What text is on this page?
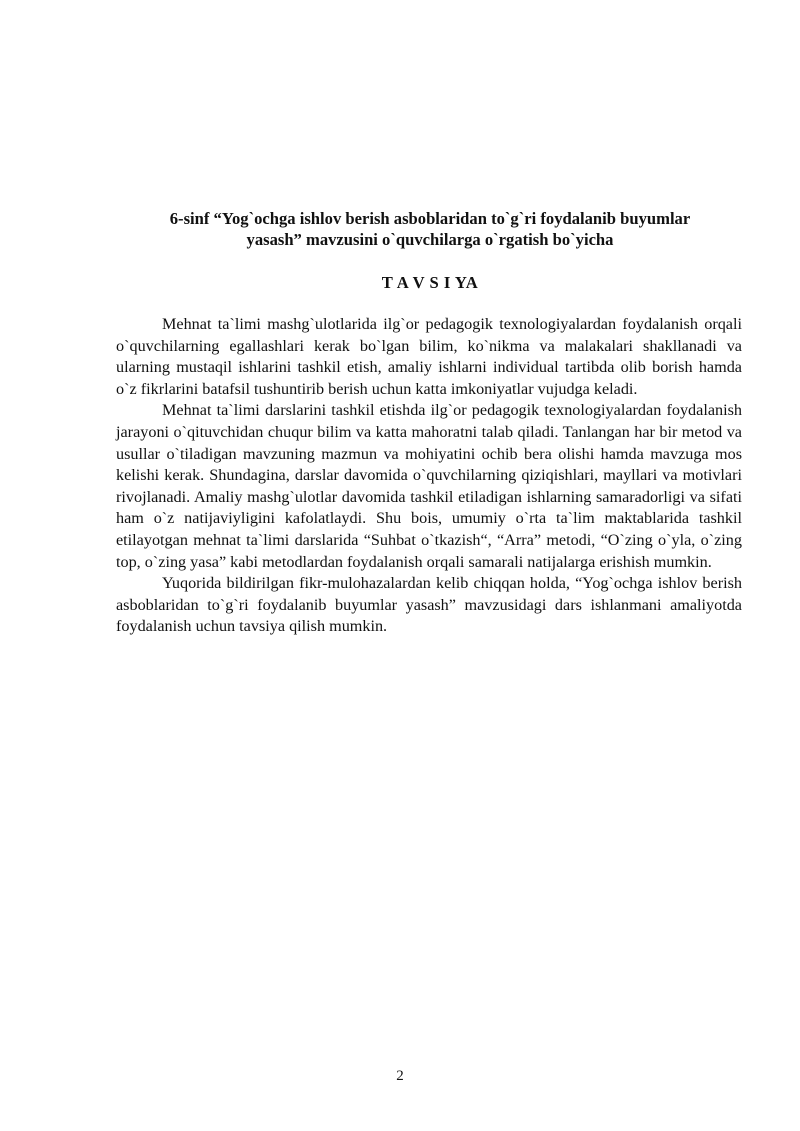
6-sinf “Yog`ochga ishlov berish asboblaridan to`g`ri foydalanib buyumlar
yasash” mavzusini o`quvchilarga o`rgatish bo`yicha
T A V S I YA

Mehnat ta`limi mashg`ulotlarida ilg`or pedagogik texnologiyalardan foydalanish orqali o`quvchilarning egallashlari kerak bo`lgan bilim, ko`nikma va malakalari shakllanadi va ularning mustaqil ishlarini tashkil etish, amaliy ishlarni individual tartibda olib borish hamda o`z fikrlarini batafsil tushuntirib berish uchun katta imkoniyatlar vujudga keladi.

Mehnat ta`limi darslarini tashkil etishda ilg`or pedagogik texnologiyalardan foydalanish jarayoni o`qituvchidan chuqur bilim va katta mahoratni talab qiladi. Tanlangan har bir metod va usullar o`tiladigan mavzuning mazmun va mohiyatini ochib bera olishi hamda mavzuga mos kelishi kerak. Shundagina, darslar davomida o`quvchilarning qiziqishlari, mayllari va motivlari rivojlanadi. Amaliy mashg`ulotlar davomida tashkil etiladigan ishlarning samaradorligi va sifati ham o`z natijaviyligini kafolatlaydi. Shu bois, umumiy o`rta ta`lim maktablarida tashkil etilayotgan mehnat ta`limi darslarida “Suhbat o`tkazish“, “Arra” metodi, “O`zing o`yla, o`zing top, o`zing yasa” kabi metodlardan foydalanish orqali samarali natijalarga erishish mumkin.

Yuqorida bildirilgan fikr-mulohazalardan kelib chiqqan holda, “Yog`ochga ishlov berish asboblaridan to`g`ri foydalanib buyumlar yasash” mavzusidagi dars ishlanmani amaliyotda foydalanish uchun tavsiya qilish mumkin.

2
